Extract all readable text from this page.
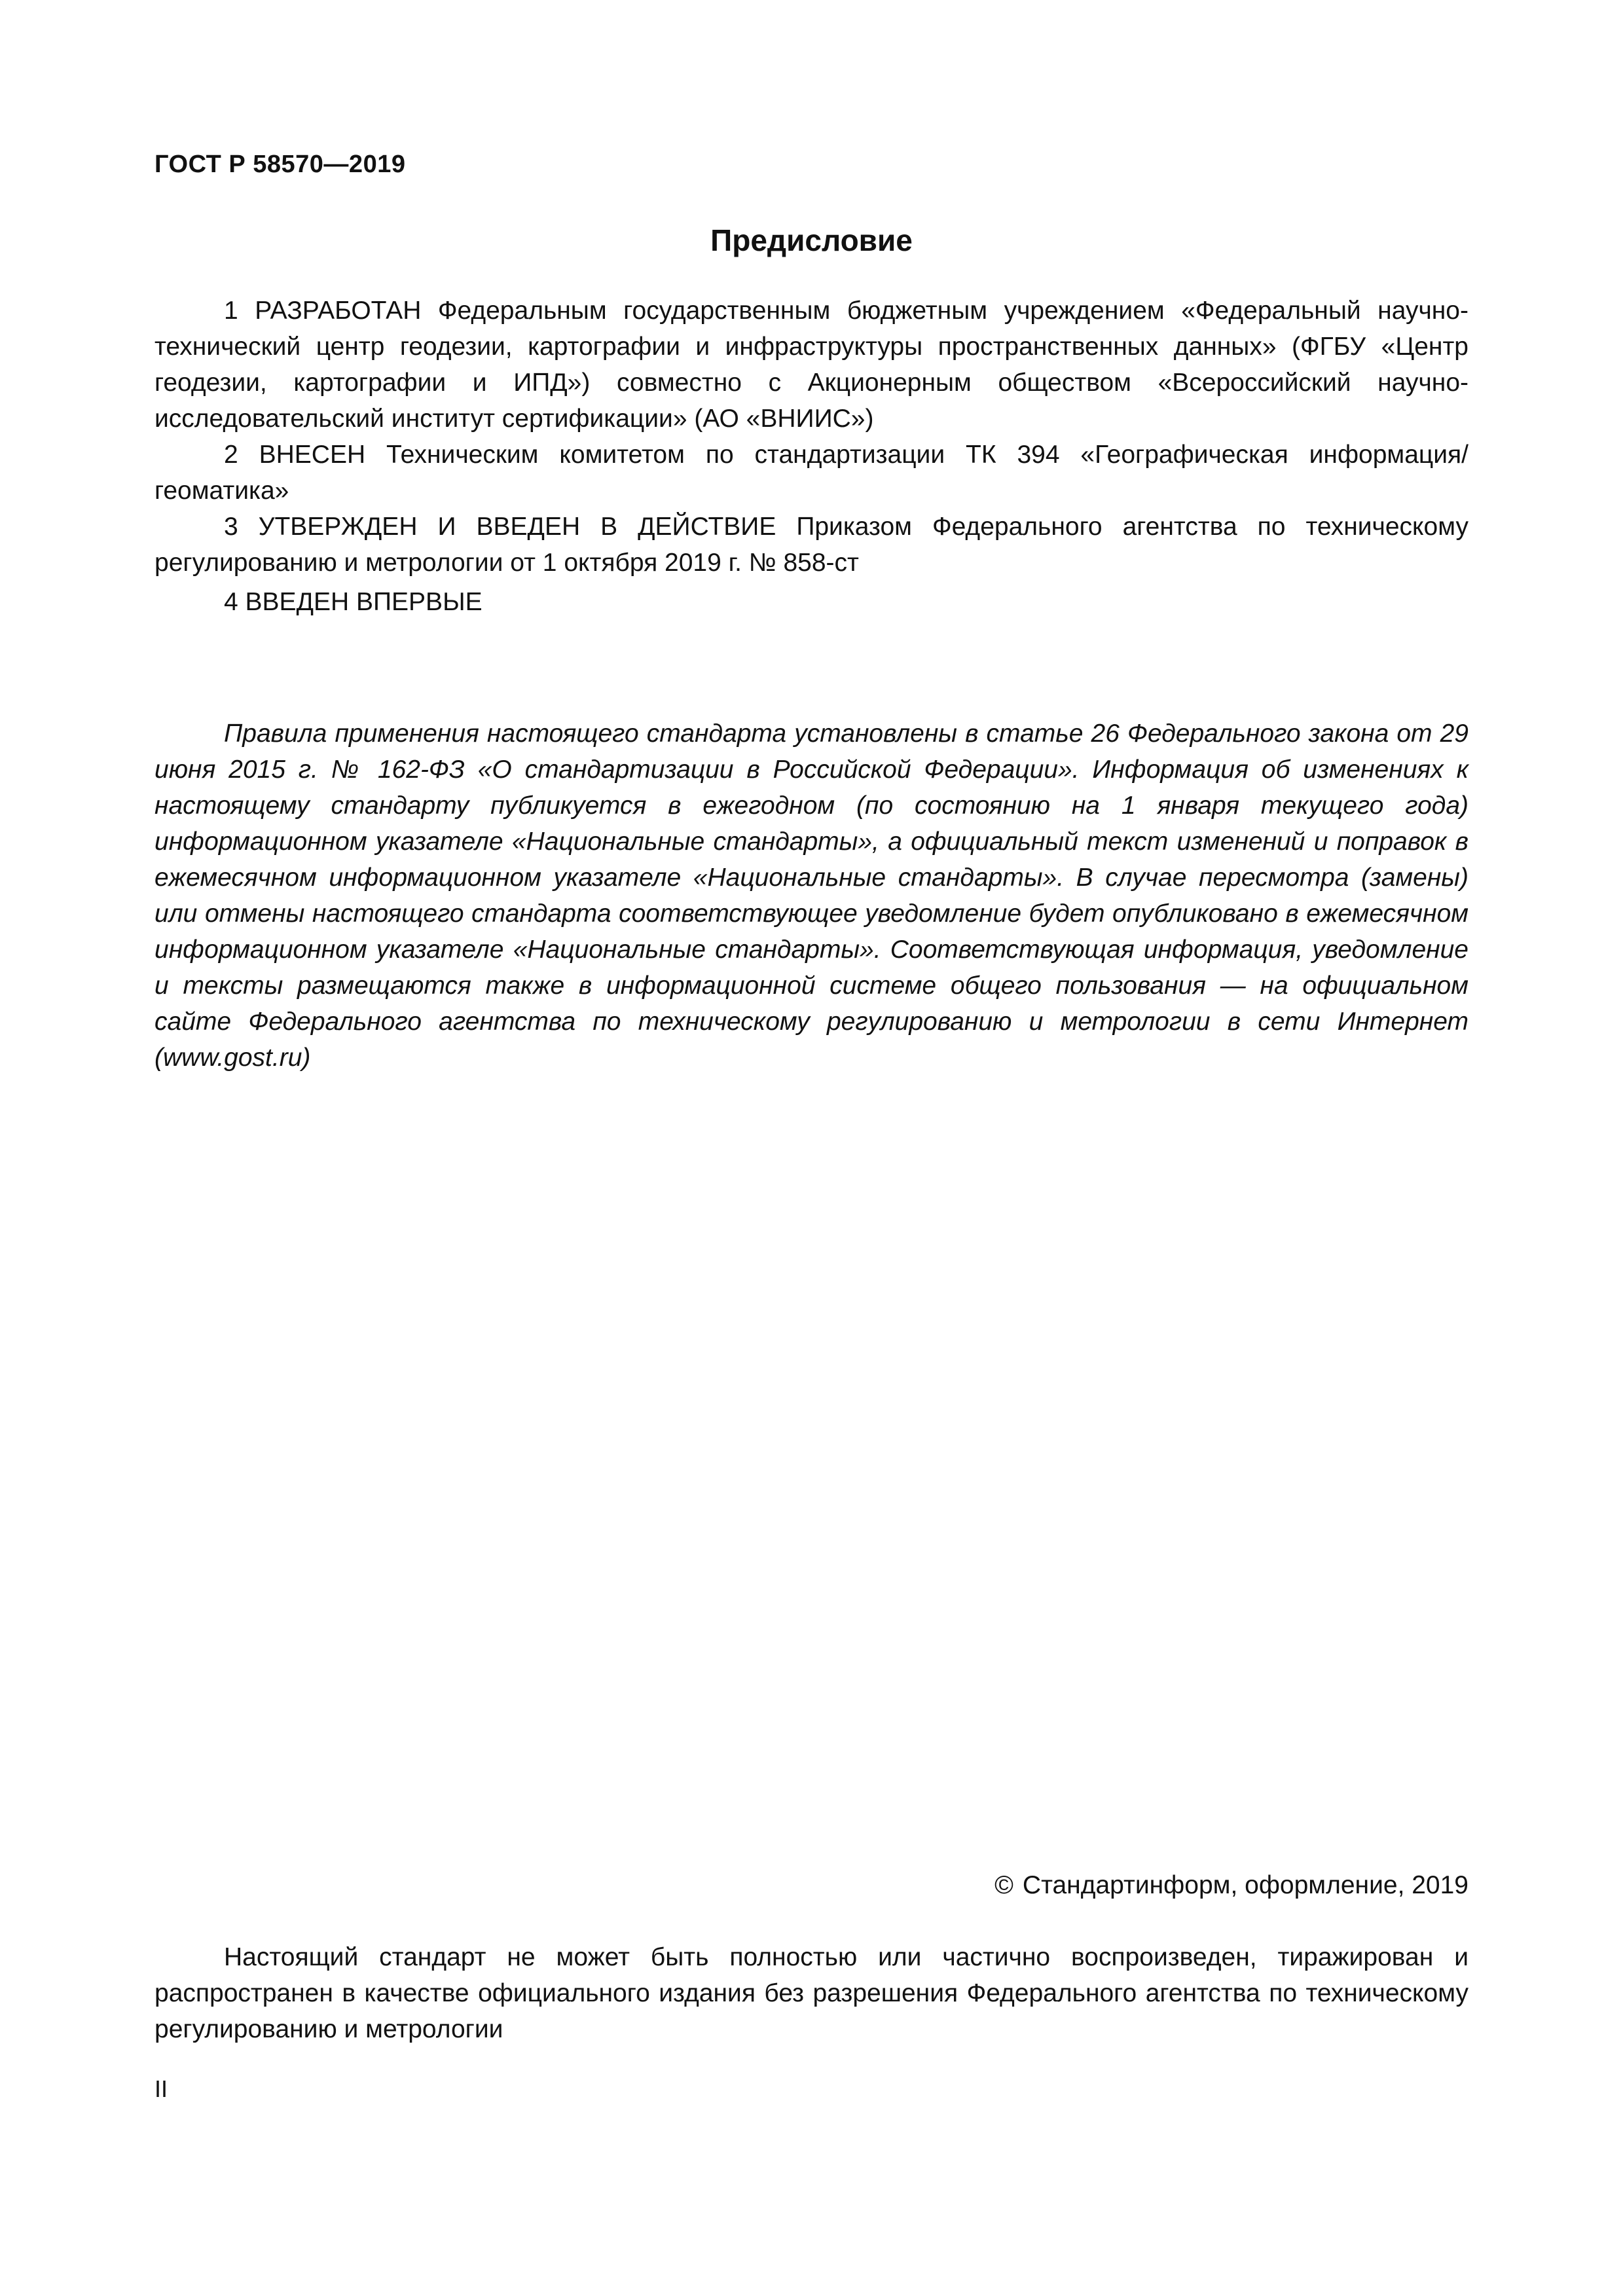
ГОСТ Р 58570—2019
Предисловие

1 РАЗРАБОТАН Федеральным государственным бюджетным учреждением «Федеральный научно-технический центр геодезии, картографии и инфраструктуры пространственных данных» (ФГБУ «Центр геодезии, картографии и ИПД») совместно с Акционерным обществом «Всероссийский научно-исследовательский институт сертификации» (АО «ВНИИС»)

2 ВНЕСЕН Техническим комитетом по стандартизации ТК 394 «Географическая информация/геоматика»

3 УТВЕРЖДЕН И ВВЕДЕН В ДЕЙСТВИЕ Приказом Федерального агентства по техническому регулированию и метрологии от 1 октября 2019 г. № 858-ст

4 ВВЕДЕН ВПЕРВЫЕ

Правила применения настоящего стандарта установлены в статье 26 Федерального закона от 29 июня 2015 г. № 162-ФЗ «О стандартизации в Российской Федерации». Информация об изменениях к настоящему стандарту публикуется в ежегодном (по состоянию на 1 января текущего года) информационном указателе «Национальные стандарты», а официальный текст изменений и поправок в ежемесячном информационном указателе «Национальные стандарты». В случае пересмотра (замены) или отмены настоящего стандарта соответствующее уведомление будет опубликовано в ежемесячном информационном указателе «Национальные стандарты». Соответствующая информация, уведомление и тексты размещаются также в информационной системе общего пользования — на официальном сайте Федерального агентства по техническому регулированию и метрологии в сети Интернет (www.gost.ru)

© Стандартинформ, оформление, 2019

Настоящий стандарт не может быть полностью или частично воспроизведен, тиражирован и распространен в качестве официального издания без разрешения Федерального агентства по техническому регулированию и метрологии

II
